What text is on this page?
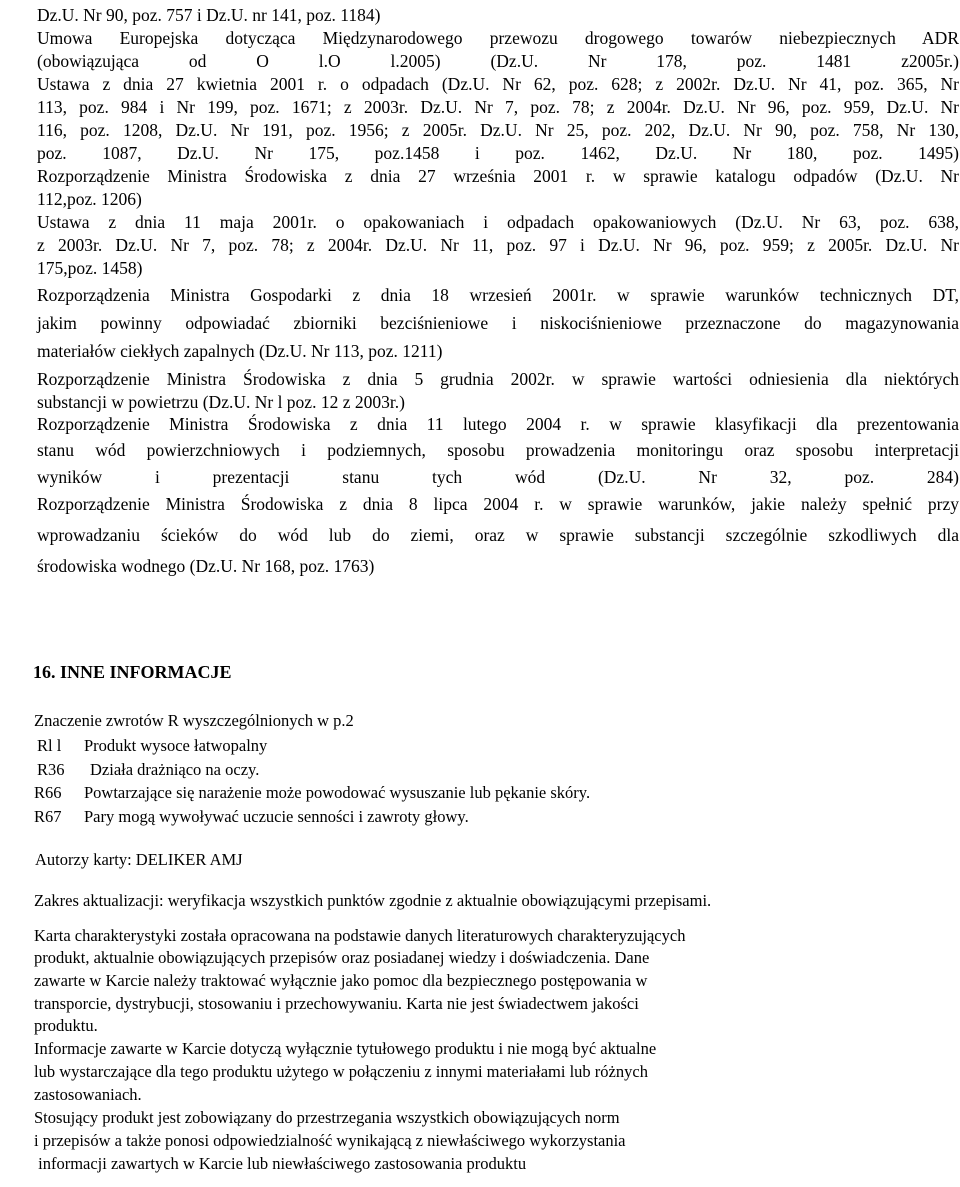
Dz.U. Nr 90, poz. 757 i Dz.U. nr 141, poz. 1184)
Umowa Europejska dotycząca Międzynarodowego przewozu drogowego towarów niebezpiecznych ADR
(obowiązująca od O l.O l.2005) (Dz.U. Nr 178, poz. 1481 z2005r.)
Ustawa z dnia 27 kwietnia 2001 r. o odpadach (Dz.U. Nr 62, poz. 628; z 2002r. Dz.U. Nr 41, poz. 365, Nr
113, poz. 984 i Nr 199, poz. 1671; z 2003r. Dz.U. Nr 7, poz. 78; z 2004r. Dz.U. Nr 96, poz. 959, Dz.U. Nr
116, poz. 1208, Dz.U. Nr 191, poz. 1956; z 2005r. Dz.U. Nr 25, poz. 202, Dz.U. Nr 90, poz. 758, Nr 130,
poz. 1087, Dz.U. Nr 175, poz.1458 i poz. 1462, Dz.U. Nr 180, poz. 1495)
Rozporządzenie Ministra Środowiska z dnia 27 września 2001 r. w sprawie katalogu odpadów (Dz.U. Nr
112,poz. 1206)
Ustawa z dnia 11 maja 2001r. o opakowaniach i odpadach opakowaniowych (Dz.U. Nr 63, poz. 638,
z 2003r. Dz.U. Nr 7, poz. 78; z 2004r. Dz.U. Nr 11, poz. 97 i Dz.U. Nr 96, poz. 959; z 2005r. Dz.U. Nr
175,poz. 1458)
Rozporządzenia Ministra Gospodarki z dnia 18 wrzesień 2001r. w sprawie warunków technicznych DT,
jakim powinny odpowiadać zbiorniki bezciśnieniowe i niskociśnieniowe przeznaczone do magazynowania
materiałów ciekłych zapalnych (Dz.U. Nr 113, poz. 1211)
Rozporządzenie Ministra Środowiska z dnia 5 grudnia 2002r. w sprawie wartości odniesienia dla niektórych
substancji w powietrzu (Dz.U. Nr l poz. 12 z 2003r.)
Rozporządzenie Ministra Środowiska z dnia 11 lutego 2004 r. w sprawie klasyfikacji dla prezentowania
stanu wód powierzchniowych i podziemnych, sposobu prowadzenia monitoringu oraz sposobu interpretacji
wyników i prezentacji stanu tych wód (Dz.U. Nr 32, poz. 284)
Rozporządzenie Ministra Środowiska z dnia 8 lipca 2004 r. w sprawie warunków, jakie należy spełnić przy
wprowadzaniu ścieków do wód lub do ziemi, oraz w sprawie substancji szczególnie szkodliwych dla
środowiska wodnego (Dz.U. Nr 168, poz. 1763)
16. INNE INFORMACJE
Znaczenie zwrotów R wyszczególnionych w p.2
Rl l Produkt wysoce łatwopalny
R36 Działa drażniąco na oczy.
R66 Powtarzające się narażenie może powodować wysuszanie lub pękanie skóry.
R67 Pary mogą wywoływać uczucie senności i zawroty głowy.
Autorzy karty: DELIKER AMJ
Zakres aktualizacji: weryfikacja wszystkich punktów zgodnie z aktualnie obowiązującymi przepisami.
Karta charakterystyki została opracowana na podstawie danych literaturowych charakteryzujących
produkt, aktualnie obowiązujących przepisów oraz posiadanej wiedzy i doświadczenia. Dane
zawarte w Karcie należy traktować wyłącznie jako pomoc dla bezpiecznego postępowania w
transporcie, dystrybucji, stosowaniu i przechowywaniu. Karta nie jest świadectwem jakości
produktu.
Informacje zawarte w Karcie dotyczą wyłącznie tytułowego produktu i nie mogą być aktualne
lub wystarczające dla tego produktu użytego w połączeniu z innymi materiałami lub różnych
zastosowaniach.
Stosujący produkt jest zobowiązany do przestrzegania wszystkich obowiązujących norm
i przepisów a także ponosi odpowiedzialność wynikającą z niewłaściwego wykorzystania
informacji zawartych w Karcie lub niewłaściwego zastosowania produktu
